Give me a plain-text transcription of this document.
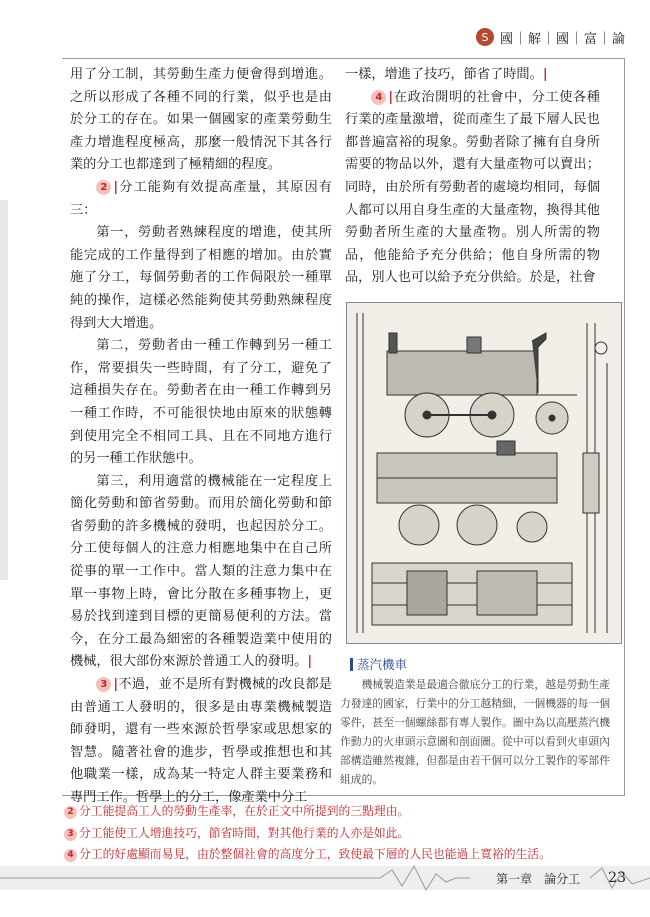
S 國｜解｜國｜富｜論

用了分工制，其勞動生產力便會得到增進。之所以形成了各種不同的行業，似乎也是由於分工的存在。如果一個國家的產業勞動生產力增進程度極高，那麼一般情況下其各行業的分工也都達到了極精細的程度。

2 |分工能夠有效提高產量，其原因有三：

第一，勞動者熟練程度的增進，使其所能完成的工作量得到了相應的增加。由於實施了分工，每個勞動者的工作侷限於一種單純的操作，這樣必然能夠使其勞動熟練程度得到大大增進。

第二，勞動者由一種工作轉到另一種工作，常要損失一些時間，有了分工，避免了這種損失存在。勞動者在由一種工作轉到另一種工作時，不可能很快地由原來的狀態轉到使用完全不相同工具、且在不同地方進行的另一種工作狀態中。

第三，利用適當的機械能在一定程度上簡化勞動和節省勞動。而用於簡化勞動和節省勞動的許多機械的發明，也起因於分工。分工使每個人的注意力相應地集中在自己所從事的單一工作中。當人類的注意力集中在單一事物上時，會比分散在多種事物上，更易於找到達到目標的更簡易便利的方法。當今，在分工最為細密的各種製造業中使用的機械，很大部份來源於普通工人的發明。|

3 |不過，並不是所有對機械的改良都是由普通工人發明的，很多是由專業機械製造師發明，還有一些來源於哲學家或思想家的智慧。隨著社會的進步，哲學或推想也和其他職業一樣，成為某一特定人群主要業務和專門工作。哲學上的分工，像產業中分工

一樣，增進了技巧，節省了時間。|

4 |在政治開明的社會中，分工使各種行業的產量激增，從而產生了最下層人民也都普遍富裕的現象。勞動者除了擁有自身所需要的物品以外，還有大量產物可以賣出；同時，由於所有勞動者的處境均相同，每個人都可以用自身生產的大量產物，換得其他勞動者所生產的大量產物。別人所需的物品，他能給予充分供給；他自身所需的物品，別人也可以給予充分供給。於是，社會

蒸汽機車
機械製造業是最適合徹底分工的行業，越是勞動生產力發達的國家，行業中的分工越精細，一個機器的每一個零件，甚至一個螺絲都有專人製作。圖中為以高壓蒸汽機作動力的火車頭示意圖和剖面圖。從中可以看到火車頭內部構造雖然複雜，但都是由若干個可以分工製作的零部件組成的。
2 分工能提高工人的勞動生產率，在於正文中所提到的三點理由。
3 分工能使工人增進技巧，節省時間，對其他行業的人亦是如此。
4 分工的好處顯而易見，由於整個社會的高度分工，致使最下層的人民也能過上寬裕的生活。
第一章　論分工 23
